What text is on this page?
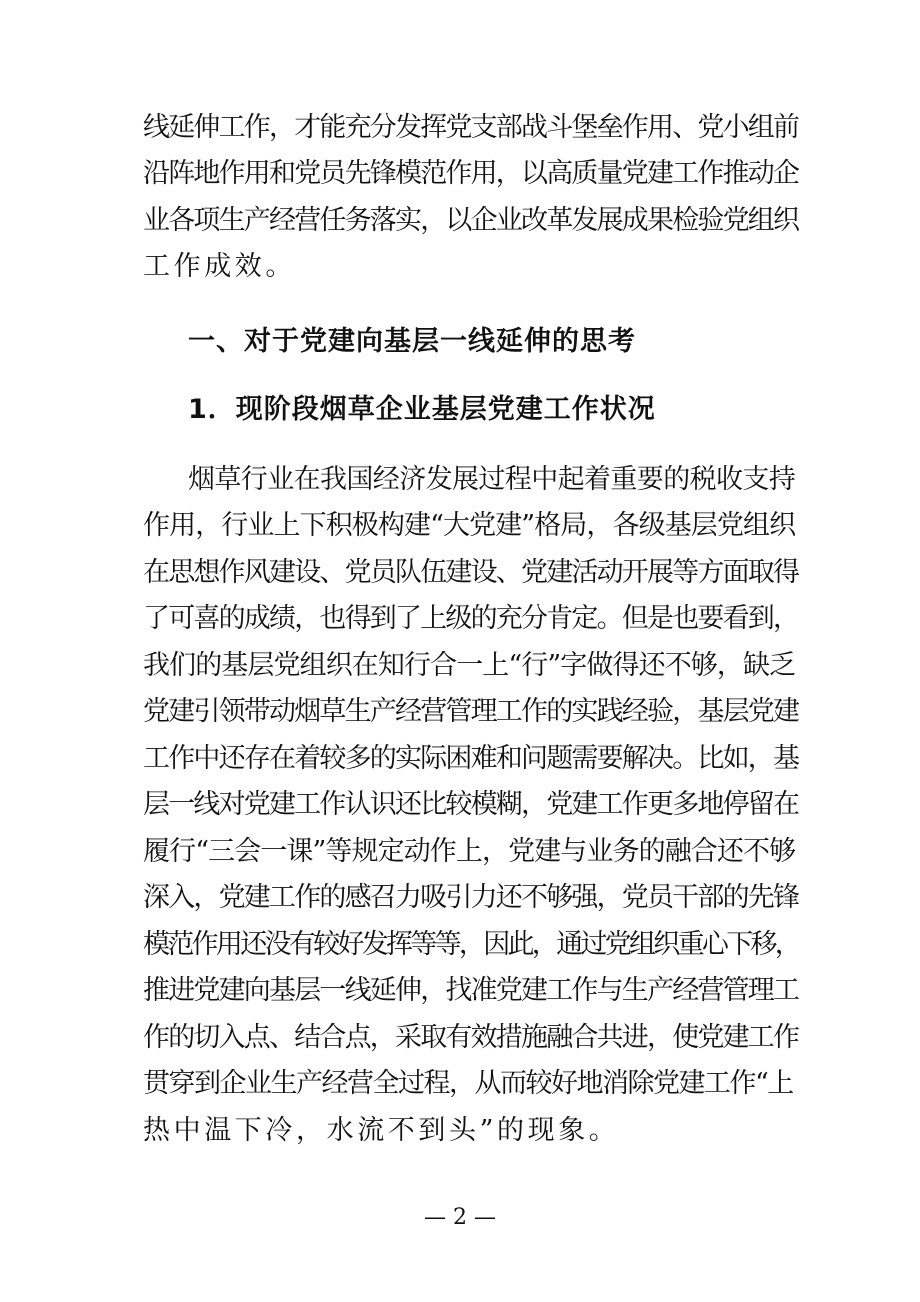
线延伸工作，才能充分发挥党支部战斗堡垒作用、党小组前
沿阵地作用和党员先锋模范作用，以高质量党建工作推动企
业各项生产经营任务落实，以企业改革发展成果检验党组织
工作成效。
一、对于党建向基层一线延伸的思考
1．现阶段烟草企业基层党建工作状况
烟草行业在我国经济发展过程中起着重要的税收支持
作用，行业上下积极构建“大党建”格局，各级基层党组织
在思想作风建设、党员队伍建设、党建活动开展等方面取得
了可喜的成绩，也得到了上级的充分肯定。但是也要看到，
我们的基层党组织在知行合一上“行”字做得还不够，缺乏
党建引领带动烟草生产经营管理工作的实践经验，基层党建
工作中还存在着较多的实际困难和问题需要解决。比如，基
层一线对党建工作认识还比较模糊，党建工作更多地停留在
履行“三会一课”等规定动作上，党建与业务的融合还不够
深入，党建工作的感召力吸引力还不够强，党员干部的先锋
模范作用还没有较好发挥等等，因此，通过党组织重心下移，
推进党建向基层一线延伸，找准党建工作与生产经营管理工
作的切入点、结合点，采取有效措施融合共进，使党建工作
贯穿到企业生产经营全过程，从而较好地消除党建工作“上
热中温下冷，水流不到头”的现象。
— 2 —
